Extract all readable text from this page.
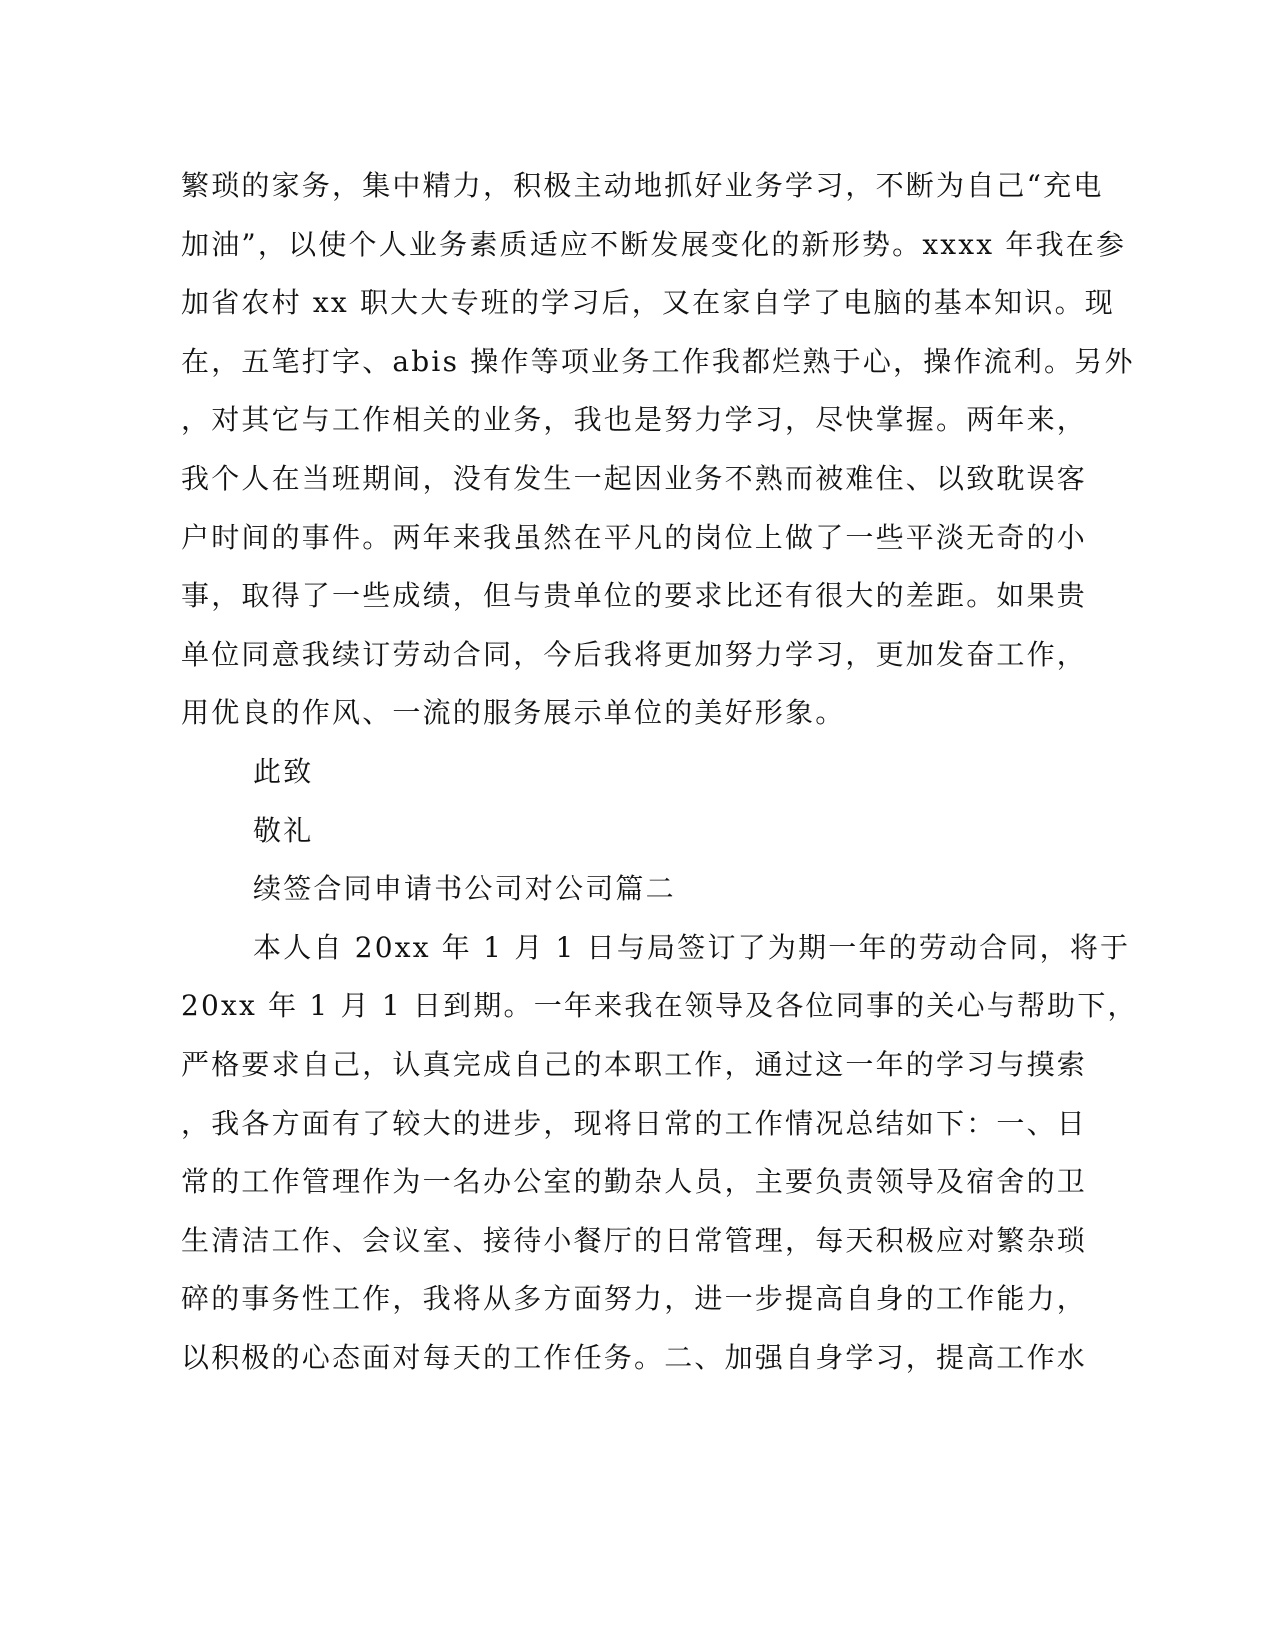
繁琐的家务，集中精力，积极主动地抓好业务学习，不断为自己“充电
加油”，以使个人业务素质适应不断发展变化的新形势。xxxx 年我在参
加省农村 xx 职大大专班的学习后，又在家自学了电脑的基本知识。现
在，五笔打字、abis 操作等项业务工作我都烂熟于心，操作流利。另外
，对其它与工作相关的业务，我也是努力学习，尽快掌握。两年来，
我个人在当班期间，没有发生一起因业务不熟而被难住、以致耽误客
户时间的事件。两年来我虽然在平凡的岗位上做了一些平淡无奇的小
事，取得了一些成绩，但与贵单位的要求比还有很大的差距。如果贵
单位同意我续订劳动合同，今后我将更加努力学习，更加发奋工作，
用优良的作风、一流的服务展示单位的美好形象。
此致
敬礼
续签合同申请书公司对公司篇二
本人自 20xx 年 1 月 1 日与局签订了为期一年的劳动合同，将于
20xx 年 1 月 1 日到期。一年来我在领导及各位同事的关心与帮助下，
严格要求自己，认真完成自己的本职工作，通过这一年的学习与摸索
，我各方面有了较大的进步，现将日常的工作情况总结如下：一、日
常的工作管理作为一名办公室的勤杂人员，主要负责领导及宿舍的卫
生清洁工作、会议室、接待小餐厅的日常管理，每天积极应对繁杂琐
碎的事务性工作，我将从多方面努力，进一步提高自身的工作能力，
以积极的心态面对每天的工作任务。二、加强自身学习，提高工作水
